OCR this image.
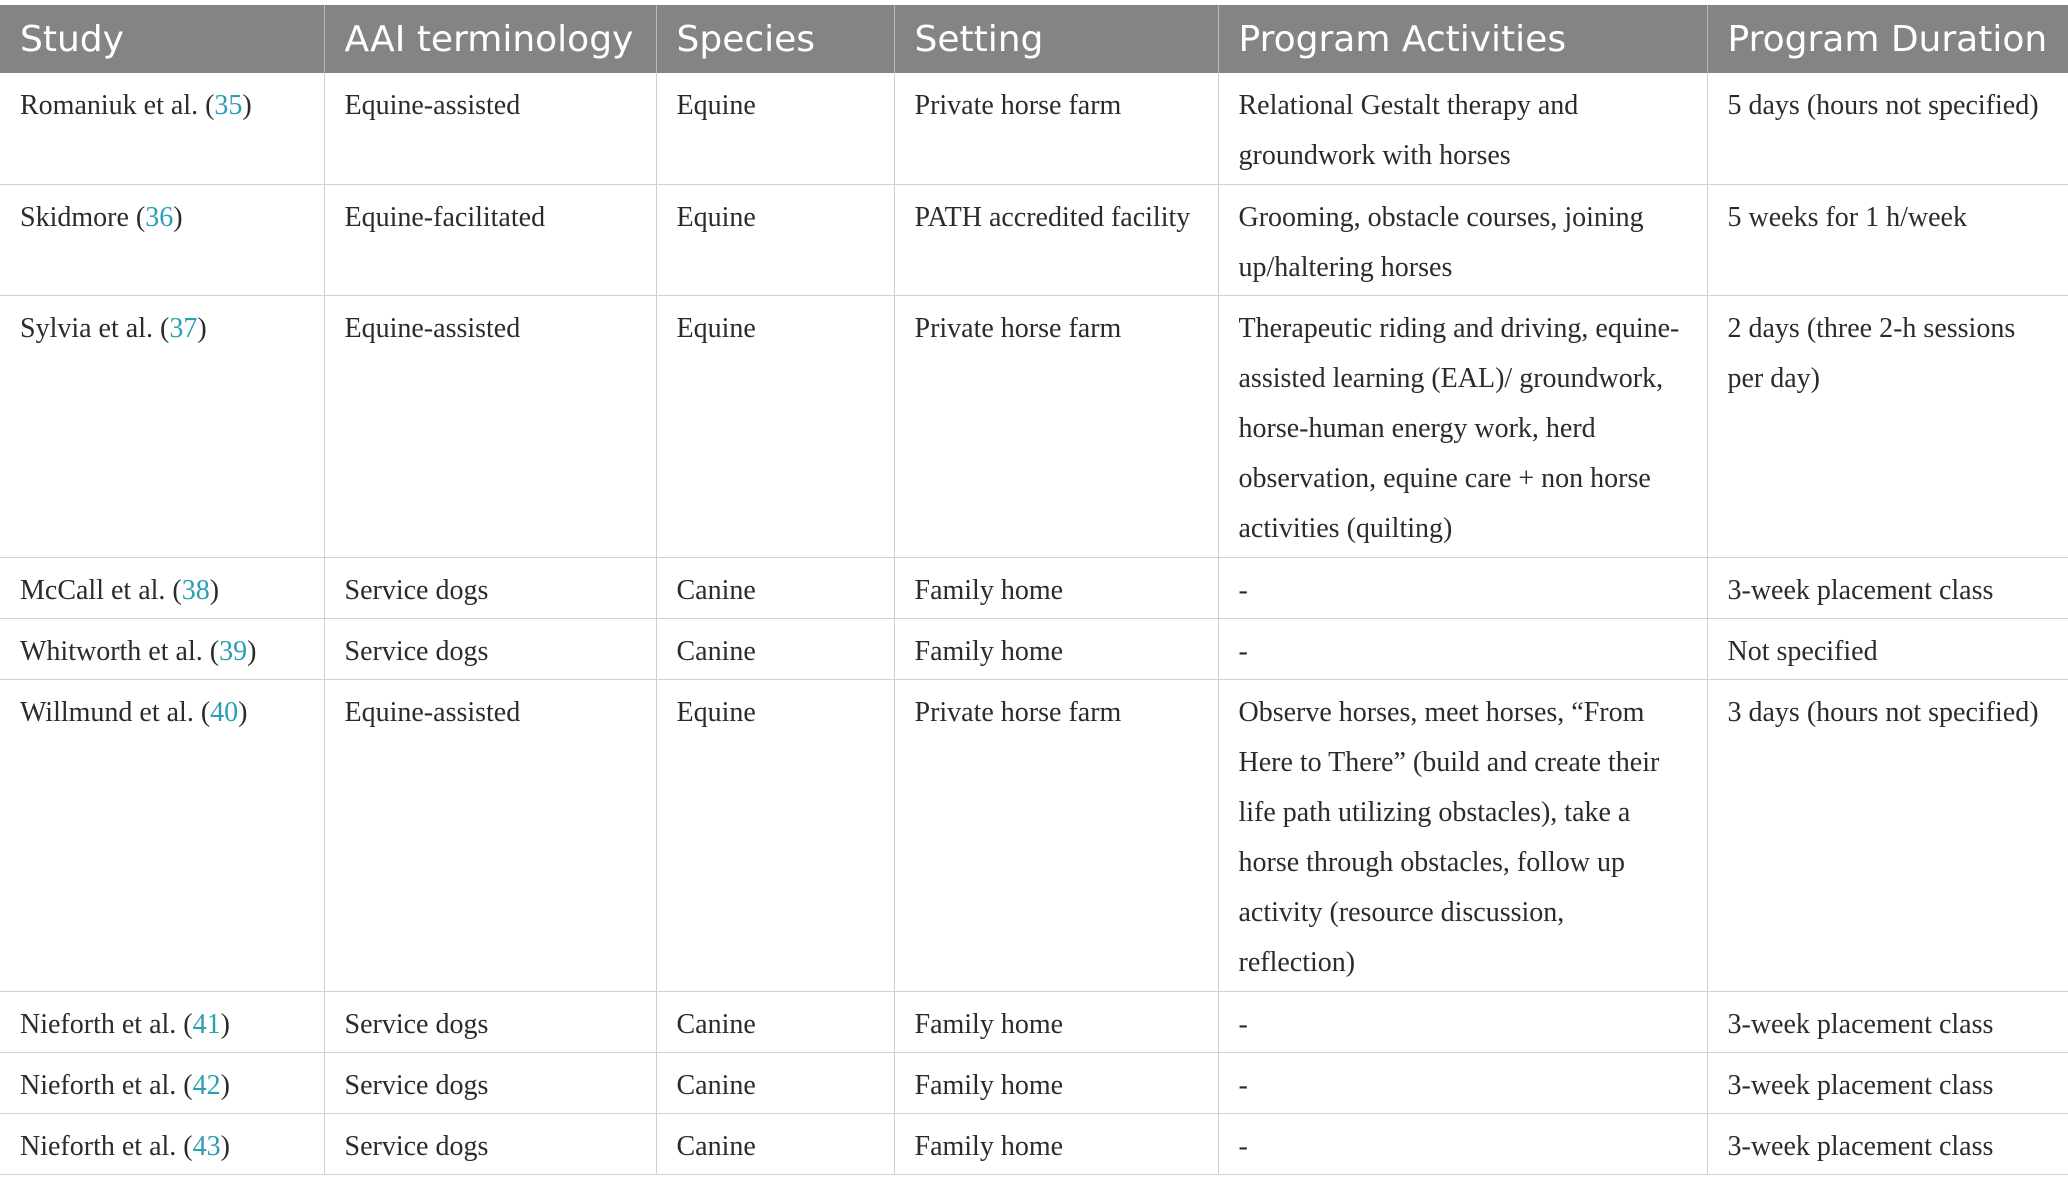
Study	AAI terminology	Species	Setting	Program Activities	Program Duration
Romaniuk et al. (35)	Equine-assisted	Equine	Private horse farm	Relational Gestalt therapy and groundwork with horses	5 days (hours not specified)
Skidmore (36)	Equine-facilitated	Equine	PATH accredited facility	Grooming, obstacle courses, joining up/haltering horses	5 weeks for 1 h/week
Sylvia et al. (37)	Equine-assisted	Equine	Private horse farm	Therapeutic riding and driving, equine-assisted learning (EAL)/ groundwork, horse-human energy work, herd observation, equine care + non horse activities (quilting)	2 days (three 2-h sessions per day)
McCall et al. (38)	Service dogs	Canine	Family home	-	3-week placement class
Whitworth et al. (39)	Service dogs	Canine	Family home	-	Not specified
Willmund et al. (40)	Equine-assisted	Equine	Private horse farm	Observe horses, meet horses, “From Here to There” (build and create their life path utilizing obstacles), take a horse through obstacles, follow up activity (resource discussion, reflection)	3 days (hours not specified)
Nieforth et al. (41)	Service dogs	Canine	Family home	-	3-week placement class
Nieforth et al. (42)	Service dogs	Canine	Family home	-	3-week placement class
Nieforth et al. (43)	Service dogs	Canine	Family home	-	3-week placement class
